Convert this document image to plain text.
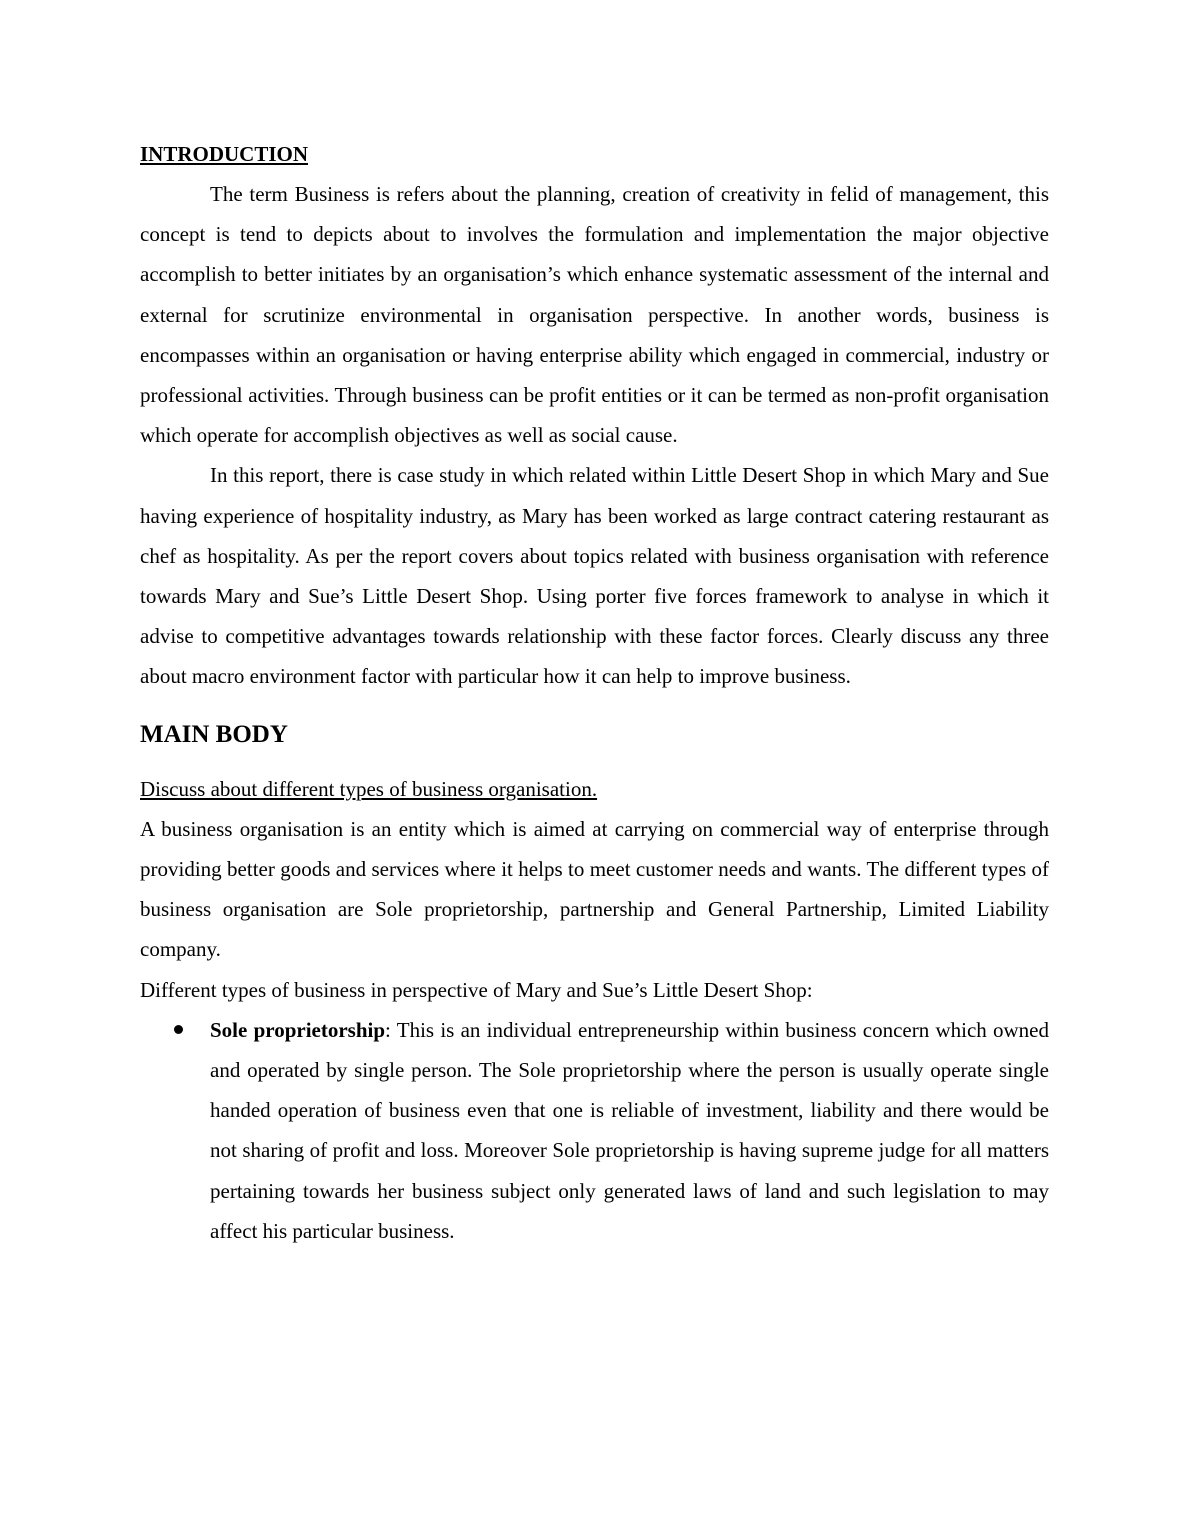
INTRODUCTION

The term Business is refers about the planning, creation of creativity in felid of management, this concept is tend to depicts about to involves the formulation and implementation the major objective accomplish to better initiates by an organisation’s which enhance systematic assessment of the internal and external for scrutinize environmental in organisation perspective. In another words, business is encompasses within an organisation or having enterprise ability which engaged in commercial, industry or professional activities. Through business can be profit entities or it can be termed as non-profit organisation which operate for accomplish objectives as well as social cause.

In this report, there is case study in which related within Little Desert Shop in which Mary and Sue having experience of hospitality industry, as Mary has been worked as large contract catering restaurant as chef as hospitality. As per the report covers about topics related with business organisation with reference towards Mary and Sue’s Little Desert Shop. Using porter five forces framework to analyse in which it advise to competitive advantages towards relationship with these factor forces. Clearly discuss any three about macro environment factor with particular how it can help to improve business.

MAIN BODY
Discuss about different types of business organisation.

A business organisation is an entity which is aimed at carrying on commercial way of enterprise through providing better goods and services where it helps to meet customer needs and wants. The different types of business organisation are Sole proprietorship, partnership and General Partnership, Limited Liability company.

Different types of business in perspective of Mary and Sue’s Little Desert Shop:

Sole proprietorship: This is an individual entrepreneurship within business concern which owned and operated by single person. The Sole proprietorship where the person is usually operate single handed operation of business even that one is reliable of investment, liability and there would be not sharing of profit and loss. Moreover Sole proprietorship is having supreme judge for all matters pertaining towards her business subject only generated laws of land and such legislation to may affect his particular business.
